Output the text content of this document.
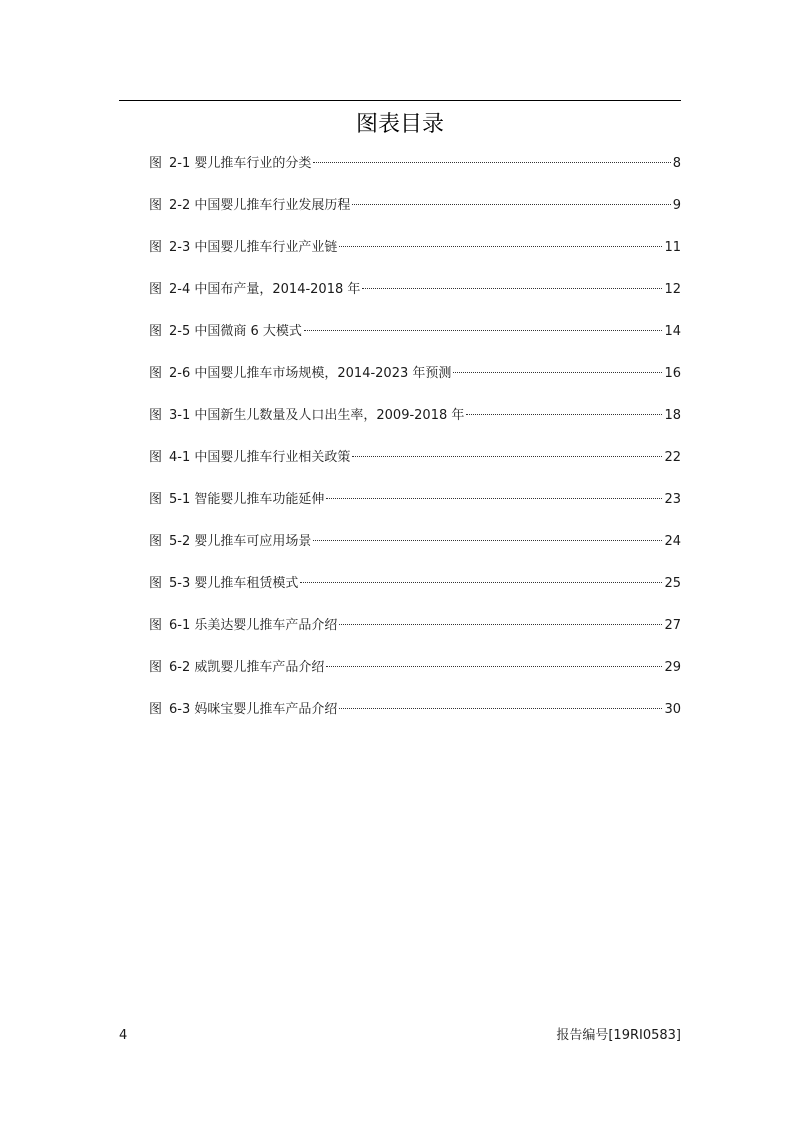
图表目录
图 2-1 婴儿推车行业的分类	8
图 2-2 中国婴儿推车行业发展历程	9
图 2-3 中国婴儿推车行业产业链	11
图 2-4 中国布产量，2014-2018 年	12
图 2-5 中国微商 6 大模式	14
图 2-6 中国婴儿推车市场规模，2014-2023 年预测	16
图 3-1 中国新生儿数量及人口出生率，2009-2018 年	18
图 4-1 中国婴儿推车行业相关政策	22
图 5-1 智能婴儿推车功能延伸	23
图 5-2 婴儿推车可应用场景	24
图 5-3 婴儿推车租赁模式	25
图 6-1 乐美达婴儿推车产品介绍	27
图 6-2 威凯婴儿推车产品介绍	29
图 6-3 妈咪宝婴儿推车产品介绍	30
4	报告编号[19RI0583]
